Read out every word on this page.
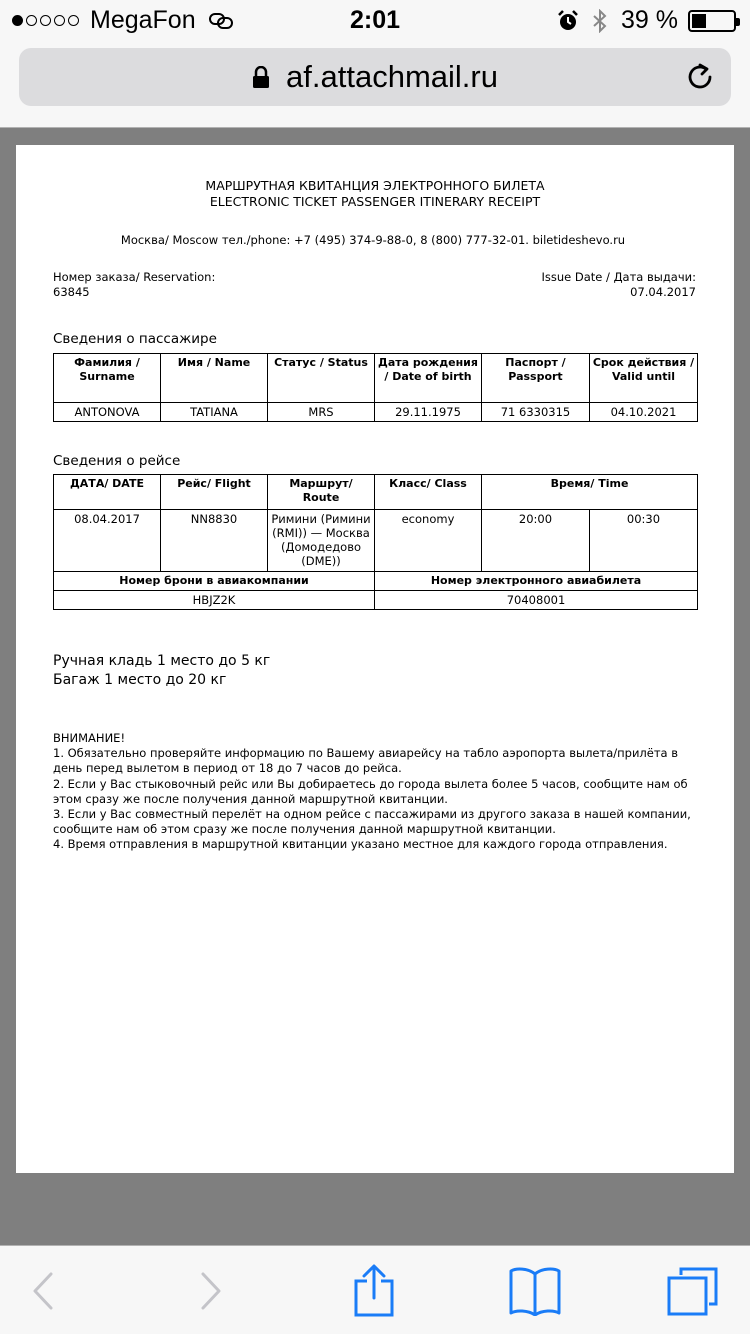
MegaFon	2:01	39 %
af.attachmail.ru
МАРШРУТНАЯ КВИТАНЦИЯ ЭЛЕКТРОННОГО БИЛЕТА
ELECTRONIC TICKET PASSENGER ITINERARY RECEIPT
Москва/ Moscow тел./phone: +7 (495) 374-9-88-0, 8 (800) 777-32-01. biletideshevo.ru
Номер заказа/ Reservation:
63845
Issue Date / Дата выдачи:
07.04.2017
Сведения о пассажире
Фамилия / Surname	Имя / Name	Статус / Status	Дата рождения / Date of birth	Паспорт / Passport	Срок действия / Valid until
ANTONOVA	TATIANA	MRS	29.11.1975	71 6330315	04.10.2021
Сведения о рейсе
ДАТА/ DATE	Рейс/ Flight	Маршрут/ Route	Класс/ Class	Время/ Time	
08.04.2017	NN8830	Римини (Римини (RMI)) — Москва (Домодедово (DME))	economy	20:00	00:30
Номер брони в авиакомпании			Номер электронного авиабилета		
HBJZ2K			70408001		
Ручная кладь 1 место до 5 кг
Багаж 1 место до 20 кг
ВНИМАНИЕ!
1. Обязательно проверяйте информацию по Вашему авиарейсу на табло аэропорта вылета/прилёта в день перед вылетом в период от 18 до 7 часов до рейса.
2. Если у Вас стыковочный рейс или Вы добираетесь до города вылета более 5 часов, сообщите нам об этом сразу же после получения данной маршрутной квитанции.
3. Если у Вас совместный перелёт на одном рейсе с пассажирами из другого заказа в нашей компании, сообщите нам об этом сразу же после получения данной маршрутной квитанции.
4. Время отправления в маршрутной квитанции указано местное для каждого города отправления.
